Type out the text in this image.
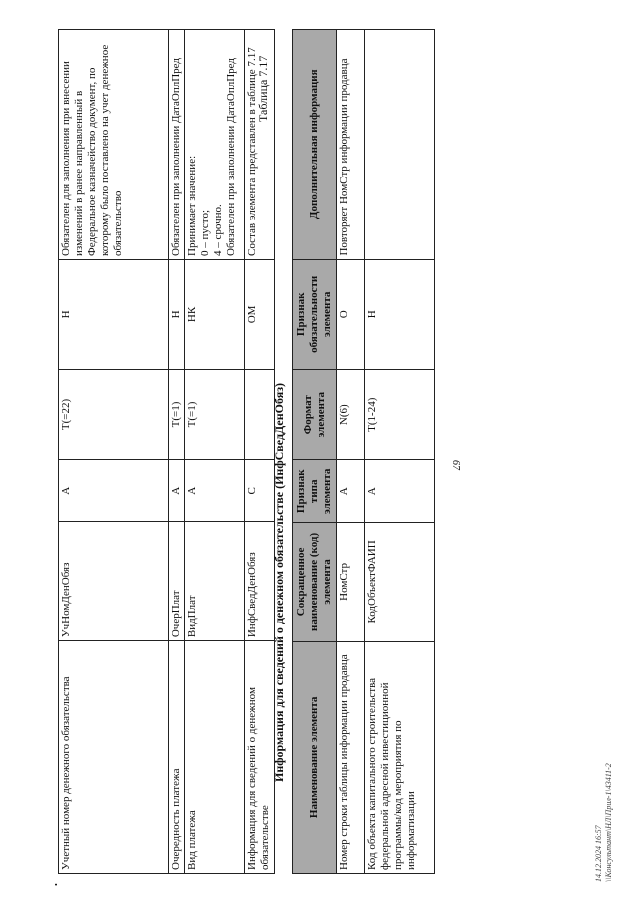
•
67
Учетный номер денежного обязательства	УчНомДенОбяз	А	T(=22)	Н	Обязателен для заполнения при внесении изменений в ранее направленный в Федеральное казначейство документ, по которому было поставлено на учет денежное обязательство
Очередность платежа	ОчерПлат	А	T(=1)	Н	Обязателен при заполнении ДатаОплПред
Вид платежа	ВидПлат	А	T(=1)	НК	Принимает значение:
0 – пусто;
4 – срочно.
Обязателен при заполнении ДатаОплПред
Информация для сведений о денежном обязательстве	ИнфСведДенОбяз	С		ОМ	Состав элемента представлен в таблице 7.17
Таблица 7.17
Информация для сведений о денежном обязательстве (ИнфСведДенОбяз) Наименование элемента	Сокращенное наименование (код) элемента	Признак типа элемента	Формат элемента	Признак обязательности элемента	Дополнительная информация
Номер строки таблицы информации продавца	НомСтр	А	N(6)	О	Повторяет НомСтр информации продавца
Код объекта капитального строительства федеральной адресной инвестиционной программы/код мероприятия по информатизации	КодОбъектФАИП	А	T(1-24)	Н	
14.12.2024 16:57 \\Консультант\НЛ\Прил-1\43411-2
